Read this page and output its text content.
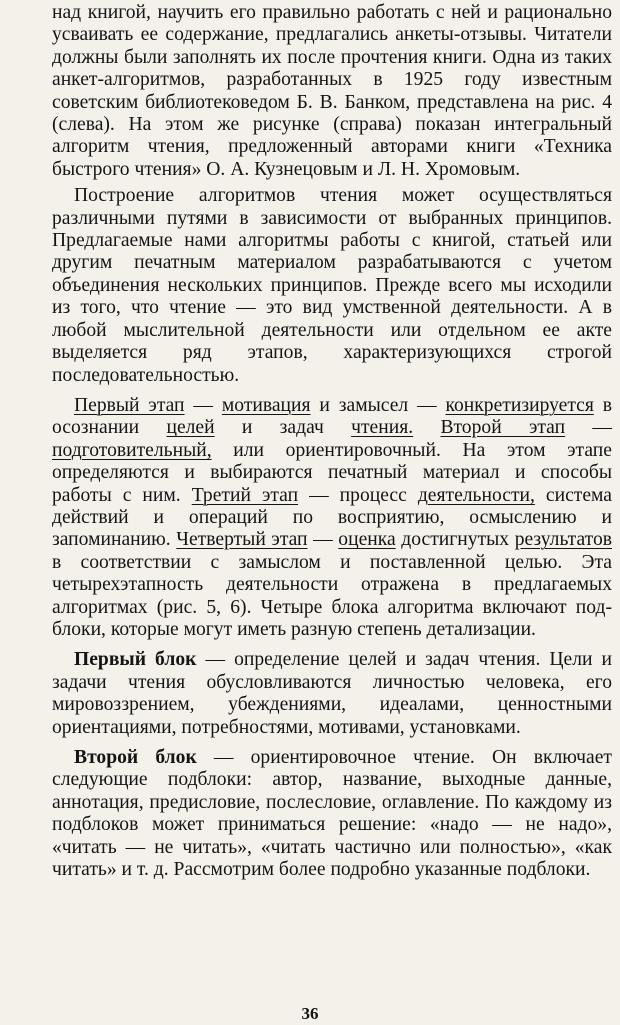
над книгой, научить его правильно работать с ней и рационально усваивать ее содержание, предлагались анкеты-отзывы. Читатели должны были заполнять их после прочтения книги. Одна из таких анкет-алгоритмов, разработанных в 1925 году известным советским библиотековедом Б. В. Банком, представлена на рис. 4 (слева). На этом же рисунке (справа) показан интегральный алгоритм чтения, предложенный авторами книги «Техника быстрого чтения» О. А. Кузнецовым и Л. Н. Хромовым.

Построение алгоритмов чтения может осуществляться различными путями в зависимости от выбранных принципов. Предлагаемые нами алгоритмы работы с книгой, статьей или другим печатным материалом разрабатываются с учетом объединения нескольких принципов. Прежде всего мы исходили из того, что чтение — это вид умственной деятельности. А в любой мыслительной деятельности или отдельном ее акте выделяется ряд этапов, характеризующихся строгой последовательностью.

Первый этап — мотивация и замысел — конкретизируется в осознании целей и задач чтения. Второй этап — подготовительный, или ориентировочный. На этом этапе определяются и выбираются печатный материал и способы работы с ним. Третий этап — процесс деятельности, система действий и операций по восприятию, осмыслению и запоминанию. Четвертый этап — оценка достигнутых результатов в соответствии с замыслом и поставленной целью. Эта четырехэтапность деятельности отражена в предлагаемых алгоритмах (рис. 5, 6). Четыре блока алгоритма включают подблоки, которые могут иметь разную степень детализации.

Первый блок — определение целей и задач чтения. Цели и задачи чтения обусловливаются личностью человека, его мировоззрением, убеждениями, идеалами, ценностными ориентациями, потребностями, мотивами, установками.

Второй блок — ориентировочное чтение. Он включает следующие подблоки: автор, название, выходные данные, аннотация, предисловие, послесловие, оглавление. По каждому из подблоков может приниматься решение: «надо — не надо», «читать — не читать», «читать частично или полностью», «как читать» и т. д. Рассмотрим более подробно указанные подблоки.

36
